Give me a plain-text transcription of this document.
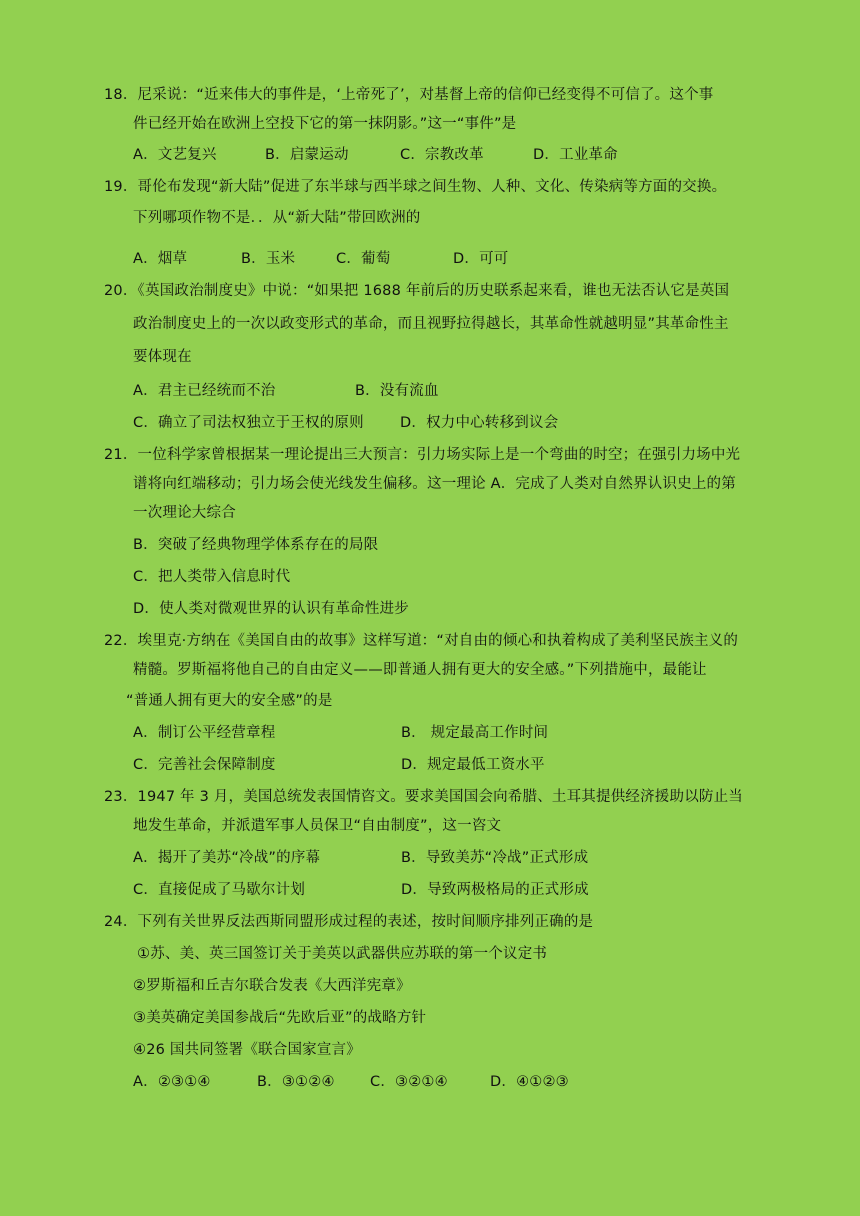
18．尼采说：“近来伟大的事件是，‘上帝死了’，对基督上帝的信仰已经变得不可信了。这个事
件已经开始在欧洲上空投下它的第一抹阴影。”这一“事件”是
A．文艺复兴	B．启蒙运动	C．宗教改革	D．工业革命
19．哥伦布发现“新大陆”促进了东半球与西半球之间生物、人种、文化、传染病等方面的交换。
下列哪项作物不是．．从“新大陆”带回欧洲的
A．烟草	B．玉米	C．葡萄	D．可可
20．《英国政治制度史》中说：“如果把 1688 年前后的历史联系起来看，谁也无法否认它是英国
政治制度史上的一次以政变形式的革命，而且视野拉得越长，其革命性就越明显”其革命性主
要体现在
A．君主已经统而不治	B．没有流血
C．确立了司法权独立于王权的原则 D．权力中心转移到议会
21．一位科学家曾根据某一理论提出三大预言：引力场实际上是一个弯曲的时空；在强引力场中光
谱将向红端移动；引力场会使光线发生偏移。这一理论 A．完成了人类对自然界认识史上的第
一次理论大综合
B．突破了经典物理学体系存在的局限
C．把人类带入信息时代
D．使人类对微观世界的认识有革命性进步
22．埃里克·方纳在《美国自由的故事》这样写道：“对自由的倾心和执着构成了美利坚民族主义的
精髓。罗斯福将他自己的自由定义——即普通人拥有更大的安全感。”下列措施中，最能让
“普通人拥有更大的安全感”的是
A．制订公平经营章程	B． 规定最高工作时间
C．完善社会保障制度	D．规定最低工资水平
23．1947 年 3 月，美国总统发表国情咨文。要求美国国会向希腊、土耳其提供经济援助以防止当
地发生革命，并派遣军事人员保卫“自由制度”，这一咨文
A．揭开了美苏“冷战”的序幕	B．导致美苏“冷战”正式形成
C．直接促成了马歇尔计划	D．导致两极格局的正式形成
24．下列有关世界反法西斯同盟形成过程的表述，按时间顺序排列正确的是
①苏、美、英三国签订关于美英以武器供应苏联的第一个议定书
②罗斯福和丘吉尔联合发表《大西洋宪章》
③美英确定美国参战后“先欧后亚”的战略方针
④26 国共同签署《联合国家宣言》
A．②③①④	B．③①②④ C．③②①④	D．④①②③
